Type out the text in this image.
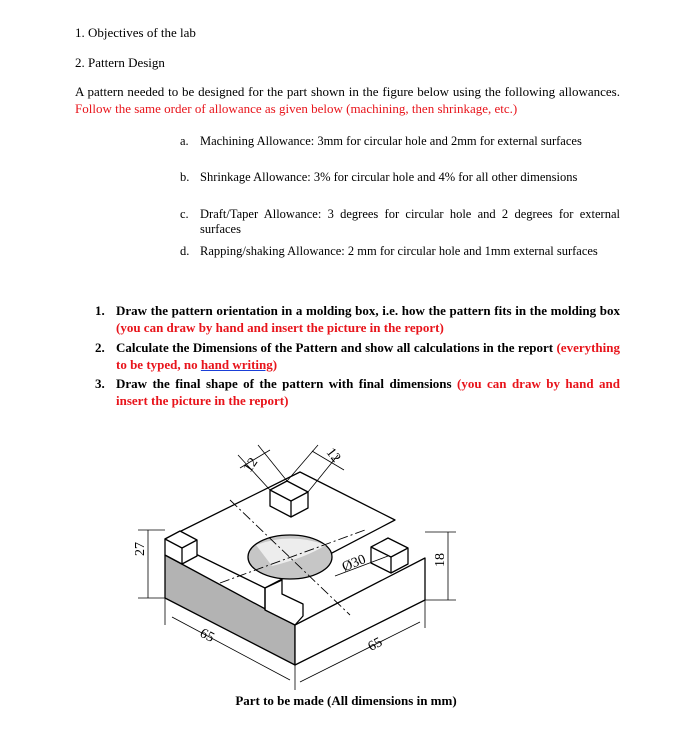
1. Objectives of the lab
2. Pattern Design
A pattern needed to be designed for the part shown in the figure below using the following allowances. Follow the same order of allowance as given below (machining, then shrinkage, etc.)
a. Machining Allowance: 3mm for circular hole and 2mm for external surfaces
b. Shrinkage Allowance: 3% for circular hole and 4% for all other dimensions
c. Draft/Taper Allowance: 3 degrees for circular hole and 2 degrees for external surfaces
d. Rapping/shaking Allowance: 2 mm for circular hole and 1mm external surfaces
1. Draw the pattern orientation in a molding box, i.e. how the pattern fits in the molding box (you can draw by hand and insert the picture in the report)
2. Calculate the Dimensions of the Pattern and show all calculations in the report (everything to be typed, no hand writing)
3. Draw the final shape of the pattern with final dimensions (you can draw by hand and insert the picture in the report)
12	12
Ø30
27
18
65	65
Part to be made (All dimensions in mm)
